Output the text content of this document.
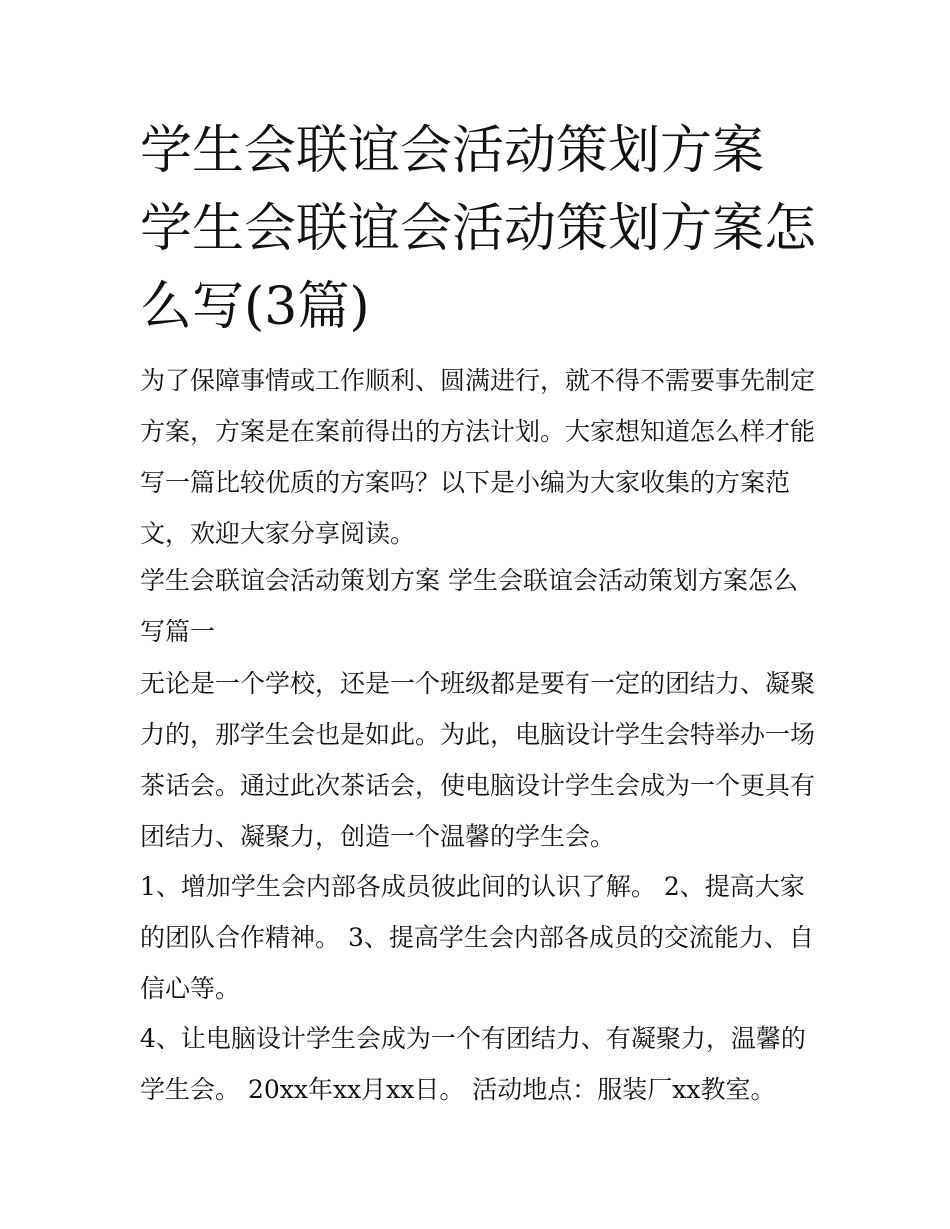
学生会联谊会活动策划方案 学生会联谊会活动策划方案怎么写(3篇)

为了保障事情或工作顺利、圆满进行，就不得不需要事先制定方案，方案是在案前得出的方法计划。大家想知道怎么样才能写一篇比较优质的方案吗？以下是小编为大家收集的方案范文，欢迎大家分享阅读。

学生会联谊会活动策划方案 学生会联谊会活动策划方案怎么写篇一

无论是一个学校，还是一个班级都是要有一定的团结力、凝聚力的，那学生会也是如此。为此，电脑设计学生会特举办一场茶话会。通过此次茶话会，使电脑设计学生会成为一个更具有团结力、凝聚力，创造一个温馨的学生会。

1、增加学生会内部各成员彼此间的认识了解。 2、提高大家的团队合作精神。 3、提高学生会内部各成员的交流能力、自信心等。

4、让电脑设计学生会成为一个有团结力、有凝聚力，温馨的学生会。 20xx年xx月xx日。 活动地点：服装厂xx教室。
